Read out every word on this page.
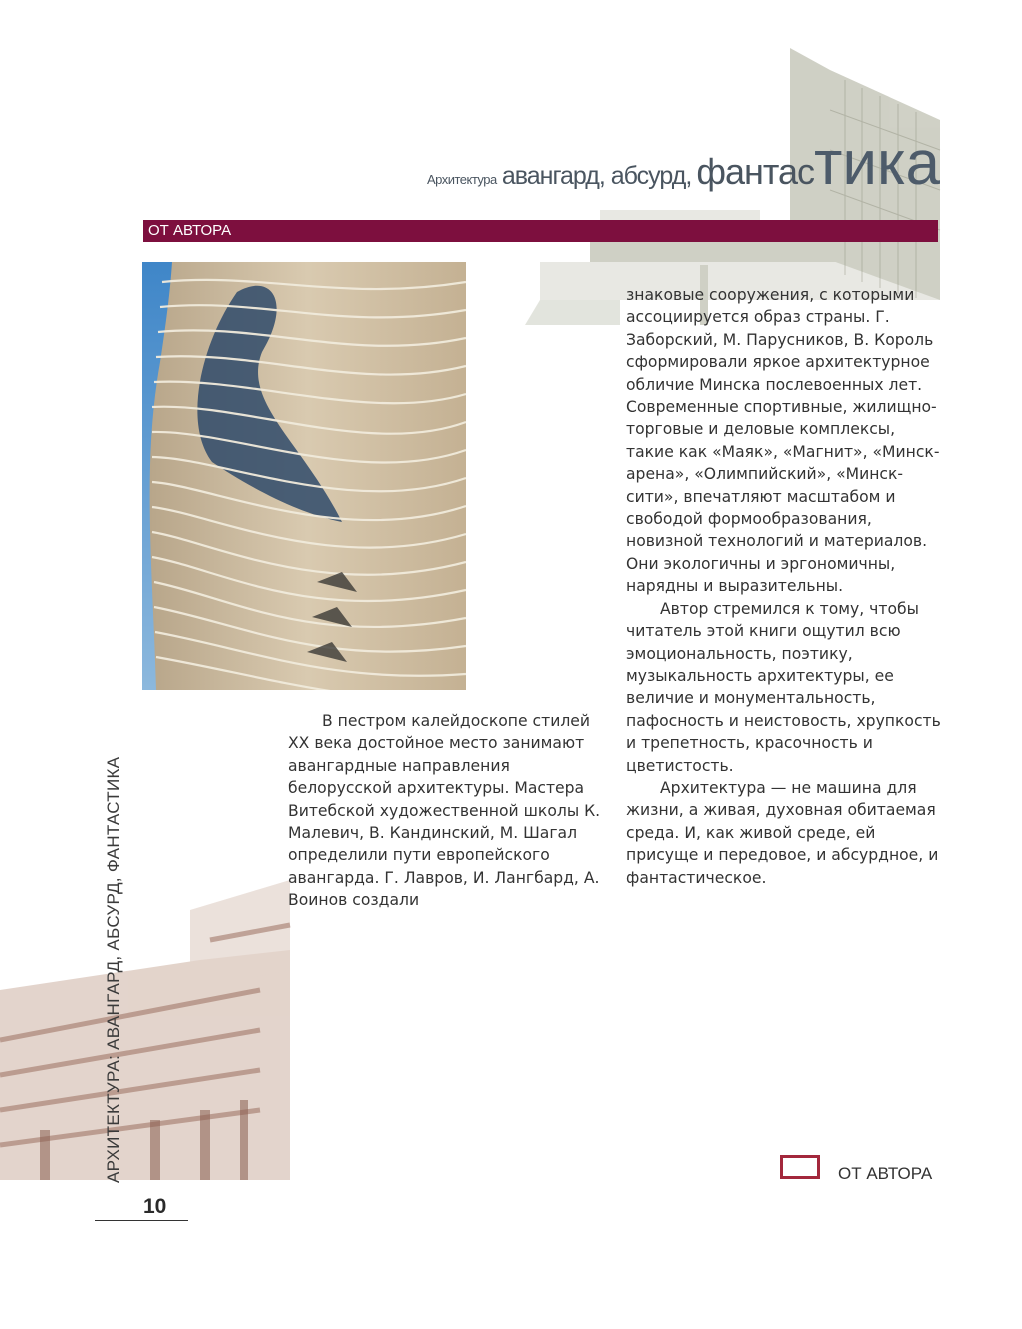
Архитектура авангард, абсурд, фантастика
ОТ АВТОРА

В пестром калейдоскопе стилей XX века достойное место занимают авангардные направления белорусской архитектуры. Мастера Витебской художественной школы К. Малевич, В. Кандинский, М. Шагал определили пути европейского авангарда. Г. Лавров, И. Лангбард, А. Воинов создали

знаковые сооружения, с которыми ассоциируется образ страны. Г. Заборский, М. Парусников, В. Король сформировали яркое архитектурное обличие Минска послевоенных лет. Современные спортивные, жилищно-торговые и деловые комплексы, такие как «Маяк», «Магнит», «Минск-арена», «Олимпийский», «Минск-сити», впечатляют масштабом и свободой формообразования, новизной технологий и материалов. Они экологичны и эргономичны, нарядны и выразительны.

Автор стремился к тому, чтобы читатель этой книги ощутил всю эмоциональность, поэтику, музыкальность архитектуры, ее величие и монументальность, пафосность и неистовость, хрупкость и трепетность, красочность и цветистость.

Архитектура — не машина для жизни, а живая, духовная обитаемая среда. И, как живой среде, ей присуще и передовое, и абсурдное, и фантастическое.

АРХИТЕКТУРА: АВАНГАРД, АБСУРД, ФАНТАСТИКА
10
ОТ АВТОРА
